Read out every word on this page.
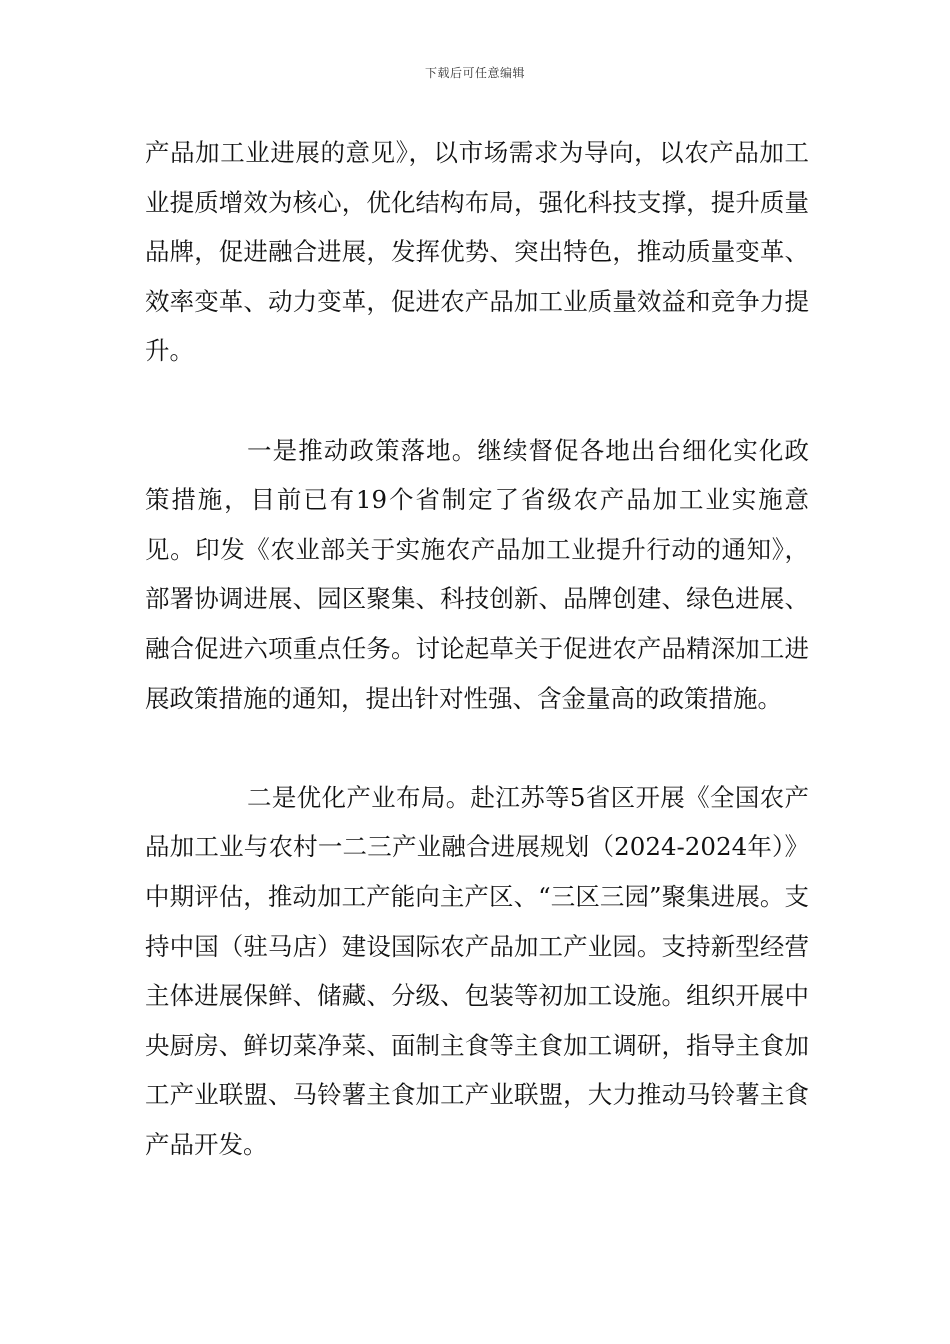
下载后可任意编辑

产品加工业进展的意见》，以市场需求为导向，以农产品加工业提质增效为核心，优化结构布局，强化科技支撑，提升质量品牌，促进融合进展，发挥优势、突出特色，推动质量变革、效率变革、动力变革，促进农产品加工业质量效益和竞争力提升。

一是推动政策落地。继续督促各地出台细化实化政策措施，目前已有19个省制定了省级农产品加工业实施意见。印发《农业部关于实施农产品加工业提升行动的通知》，部署协调进展、园区聚集、科技创新、品牌创建、绿色进展、融合促进六项重点任务。讨论起草关于促进农产品精深加工进展政策措施的通知，提出针对性强、含金量高的政策措施。

二是优化产业布局。赴江苏等5省区开展《全国农产品加工业与农村一二三产业融合进展规划（2024-2024年）》中期评估，推动加工产能向主产区、“三区三园”聚集进展。支持中国（驻马店）建设国际农产品加工产业园。支持新型经营主体进展保鲜、储藏、分级、包装等初加工设施。组织开展中央厨房、鲜切菜净菜、面制主食等主食加工调研，指导主食加工产业联盟、马铃薯主食加工产业联盟，大力推动马铃薯主食产品开发。
